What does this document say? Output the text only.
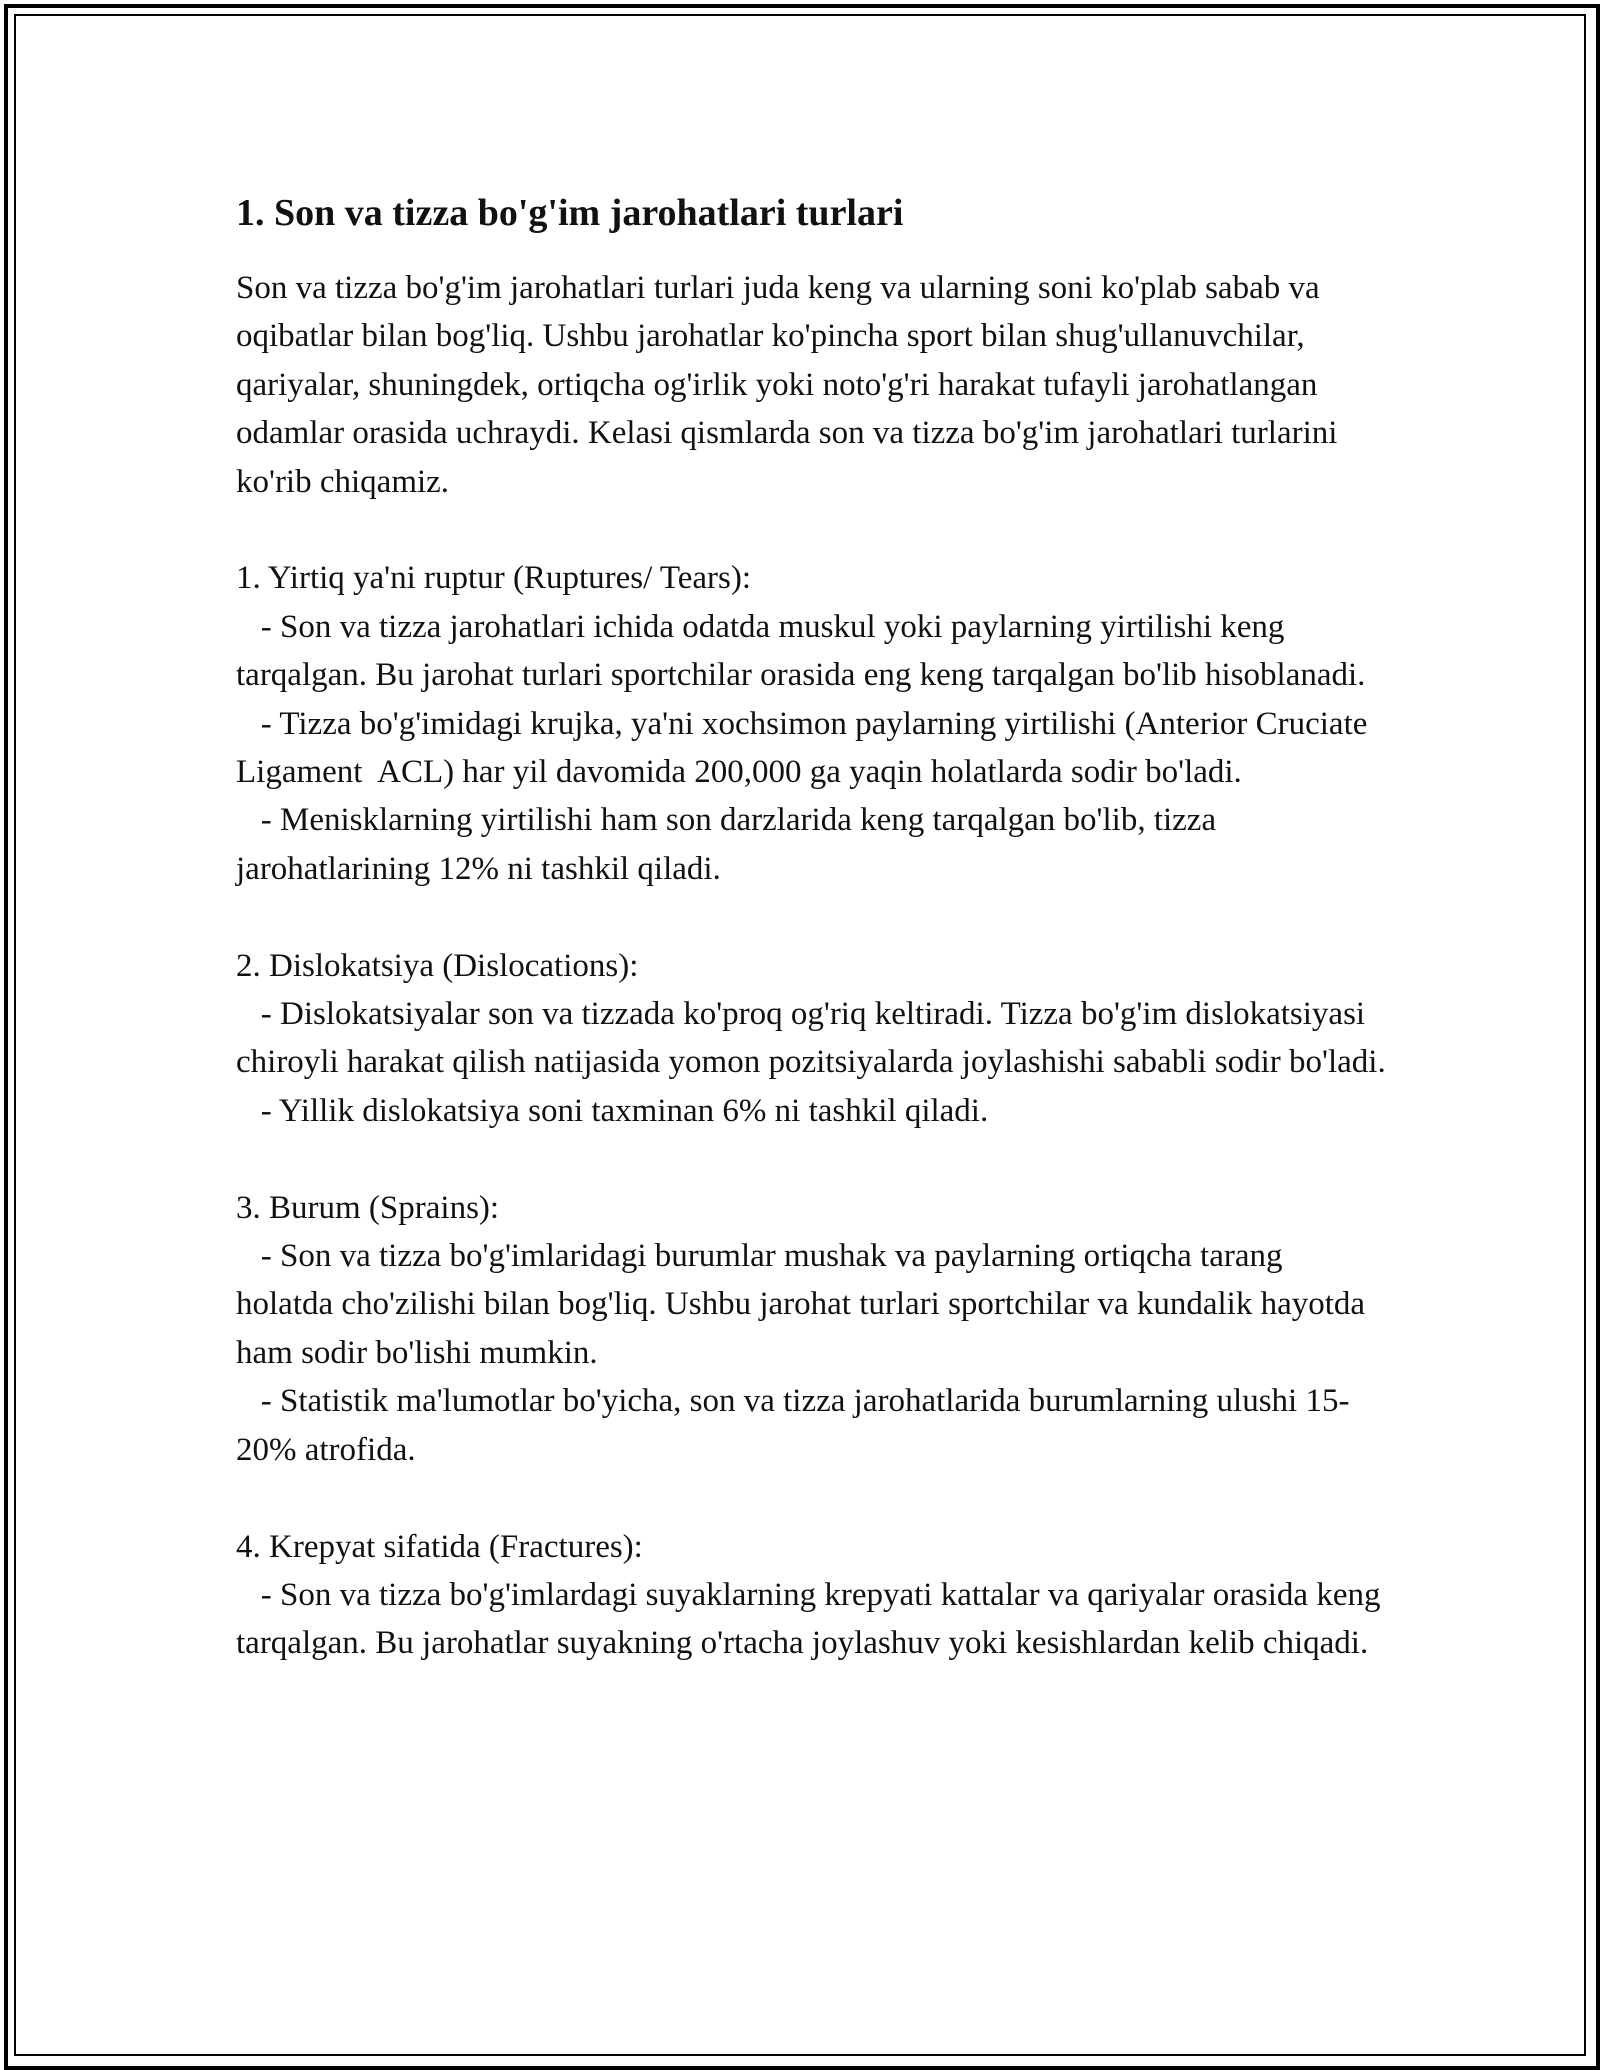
1. Son va tizza bo'g'im jarohatlari turlari

Son va tizza bo'g'im jarohatlari turlari juda keng va ularning soni ko'plab sabab va oqibatlar bilan bog'liq. Ushbu jarohatlar ko'pincha sport bilan shug'ullanuvchilar, qariyalar, shuningdek, ortiqcha og'irlik yoki noto'g'ri harakat tufayli jarohatlangan odamlar orasida uchraydi. Kelasi qismlarda son va tizza bo'g'im jarohatlari turlarini ko'rib chiqamiz.

1. Yirtiq ya'ni ruptur (Ruptures/ Tears):

- Son va tizza jarohatlari ichida odatda muskul yoki paylarning yirtilishi keng tarqalgan. Bu jarohat turlari sportchilar orasida eng keng tarqalgan bo'lib hisoblanadi.

- Tizza bo'g'imidagi krujka, ya'ni xochsimon paylarning yirtilishi (Anterior Cruciate Ligament  ACL) har yil davomida 200,000 ga yaqin holatlarda sodir bo'ladi.

- Menisklarning yirtilishi ham son darzlarida keng tarqalgan bo'lib, tizza jarohatlarining 12% ni tashkil qiladi.

2. Dislokatsiya (Dislocations):

- Dislokatsiyalar son va tizzada ko'proq og'riq keltiradi. Tizza bo'g'im dislokatsiyasi chiroyli harakat qilish natijasida yomon pozitsiyalarda joylashishi sababli sodir bo'ladi.

- Yillik dislokatsiya soni taxminan 6% ni tashkil qiladi.

3. Burum (Sprains):

- Son va tizza bo'g'imlaridagi burumlar mushak va paylarning ortiqcha tarang holatda cho'zilishi bilan bog'liq. Ushbu jarohat turlari sportchilar va kundalik hayotda ham sodir bo'lishi mumkin.

- Statistik ma'lumotlar bo'yicha, son va tizza jarohatlarida burumlarning ulushi 15-20% atrofida.

4. Krepyat sifatida (Fractures):

- Son va tizza bo'g'imlardagi suyaklarning krepyati kattalar va qariyalar orasida keng tarqalgan. Bu jarohatlar suyakning o'rtacha joylashuv yoki kesishlardan kelib chiqadi.
